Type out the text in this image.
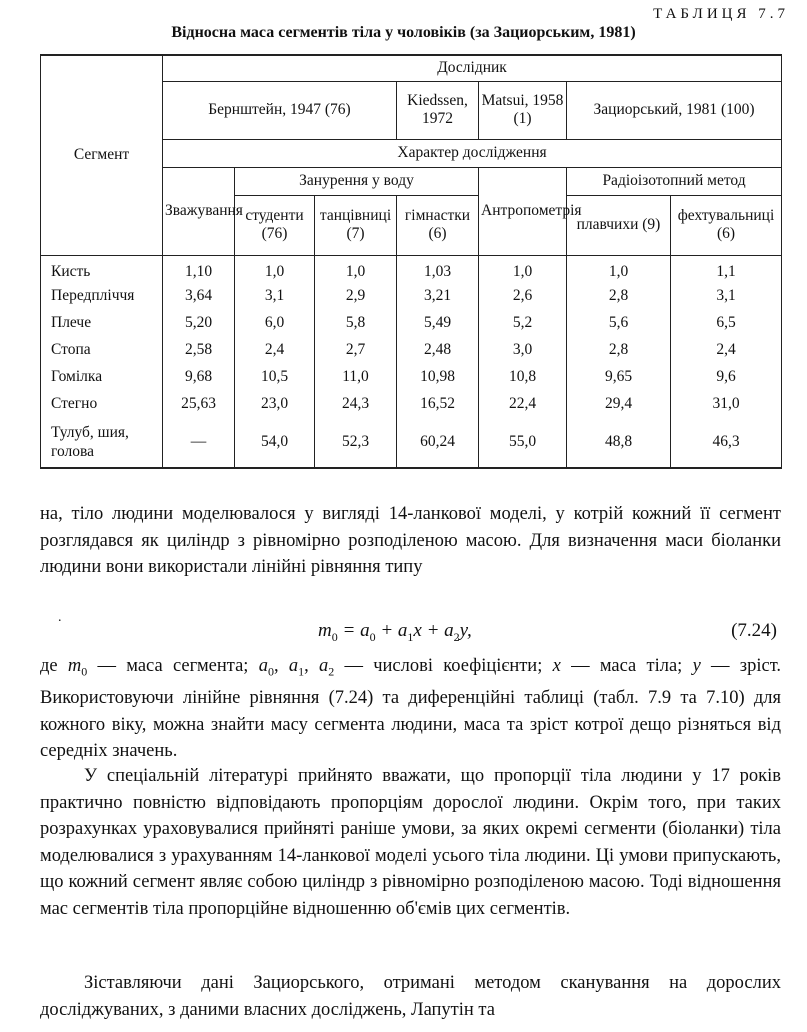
ТАБЛИЦЯ 7.7
Відносна маса сегментів тіла у чоловіків (за Зациорським, 1981)
Сегмент	Дослідник						
	Бернштейн, 1947 (76)			Kiedssen, 1972	Matsui, 1958 (1)	Зациорський, 1981 (100)	
	Характер дослідження						
	Зважування	Занурення у воду			Антропометрія	Радіоізотопний метод	
		студенти (76)	танцівниці (7)	гімнастки (6)		плавчихи (9)	фехтувальниці (6)
Кисть	1,10	1,0	1,0	1,03	1,0	1,0	1,1
Передпліччя	3,64	3,1	2,9	3,21	2,6	2,8	3,1
Плече	5,20	6,0	5,8	5,49	5,2	5,6	6,5
Стопа	2,58	2,4	2,7	2,48	3,0	2,8	2,4
Гомілка	9,68	10,5	11,0	10,98	10,8	9,65	9,6
Стегно	25,63	23,0	24,3	16,52	22,4	29,4	31,0
Тулуб, шия, голова	—	54,0	52,3	60,24	55,0	48,8	46,3
на, тіло людини моделювалося у вигляді 14-ланкової моделі, у котрій кожний її сегмент розглядався як циліндр з рівномірно розподіленою масою. Для визначення маси біоланки людини вони використали лінійні рівняння типу
.
$m_0 = a_0 + a_1x + a_2y$,	(7.24)
де $m_0$ — маса сегмента; $a_0$, $a_1$, $a_2$ — числові коефіцієнти; x — маса тіла; y — зріст. Використовуючи лінійне рівняння (7.24) та диференційні таблиці (табл. 7.9 та 7.10) для кожного віку, можна знайти масу сегмента людини, маса та зріст котрої дещо різняться від середніх значень.
У спеціальній літературі прийнято вважати, що пропорції тіла людини у 17 років практично повністю відповідають пропорціям дорослої людини. Окрім того, при таких розрахунках ураховувалися прийняті раніше умови, за яких окремі сегменти (біоланки) тіла моделювалися з урахуванням 14-ланкової моделі усього тіла людини. Ці умови припускають, що кожний сегмент являє собою циліндр з рівномірно розподіленою масою. Тоді відношення мас сегментів тіла пропорційне відношенню об'ємів цих сегментів.
Зіставляючи дані Зациорського, отримані методом сканування на дорослих досліджуваних, з даними власних досліджень, Лапутін та
